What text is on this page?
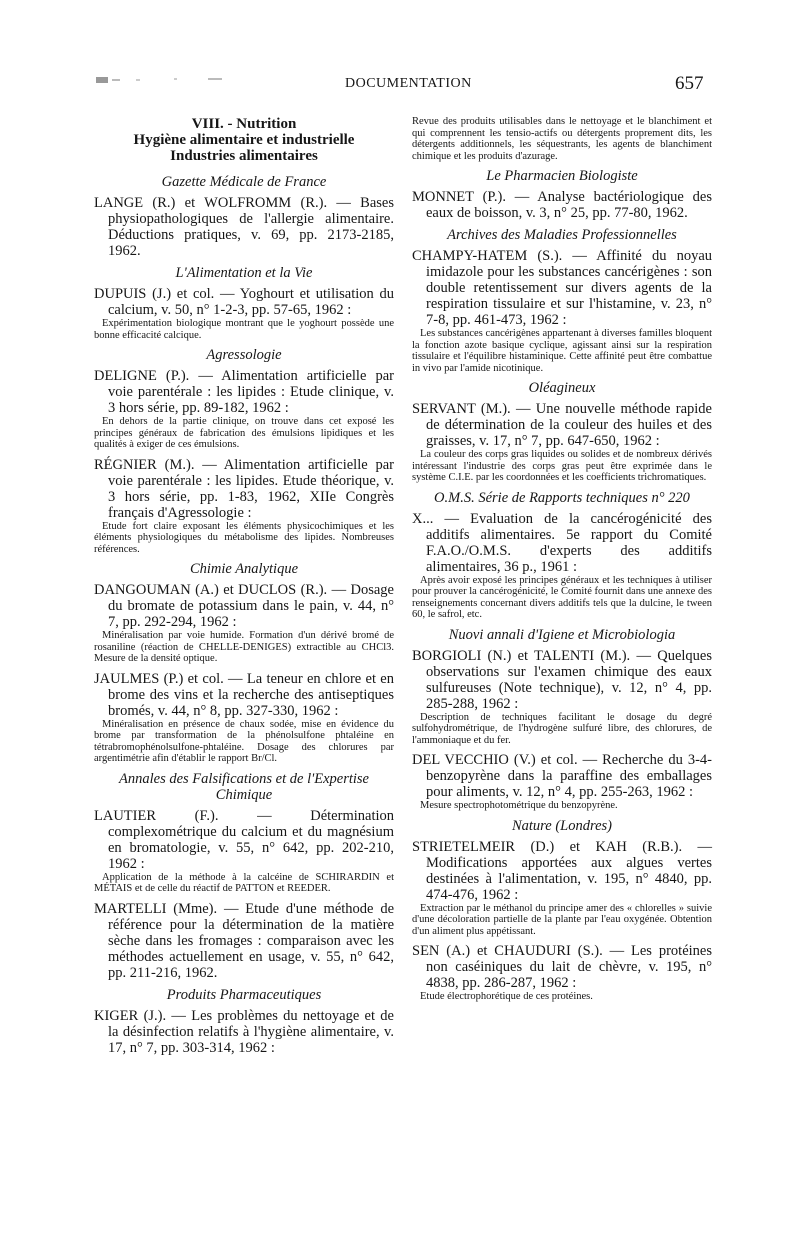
DOCUMENTATION	657
VIII. - Nutrition
Hygiène alimentaire et industrielle
Industries alimentaires
Gazette Médicale de France
LANGE (R.) et WOLFROMM (R.). — Bases physiopathologiques de l'allergie alimentaire. Déductions pratiques, v. 69, pp. 2173-2185, 1962.
L'Alimentation et la Vie
DUPUIS (J.) et col. — Yoghourt et utilisation du calcium, v. 50, n° 1-2-3, pp. 57-65, 1962 :
Expérimentation biologique montrant que le yoghourt possède une bonne efficacité calcique.
Agressologie
DELIGNE (P.). — Alimentation artificielle par voie parentérale : les lipides : Etude clinique, v. 3 hors série, pp. 89-182, 1962 :
En dehors de la partie clinique, on trouve dans cet exposé les principes généraux de fabrication des émulsions lipidiques et les qualités à exiger de ces émulsions.
RÉGNIER (M.). — Alimentation artificielle par voie parentérale : les lipides. Etude théorique, v. 3 hors série, pp. 1-83, 1962, XIIe Congrès français d'Agressologie :
Etude fort claire exposant les éléments physicochimiques et les éléments physiologiques du métabolisme des lipides. Nombreuses références.
Chimie Analytique
DANGOUMAN (A.) et DUCLOS (R.). — Dosage du bromate de potassium dans le pain, v. 44, n° 7, pp. 292-294, 1962 :
Minéralisation par voie humide. Formation d'un dérivé bromé de rosaniline (réaction de CHELLE-DENIGES) extractible au CHCl3. Mesure de la densité optique.
JAULMES (P.) et col. — La teneur en chlore et en brome des vins et la recherche des antiseptiques bromés, v. 44, n° 8, pp. 327-330, 1962 :
Minéralisation en présence de chaux sodée, mise en évidence du brome par transformation de la phénolsulfone phtaléine en tétrabromophénolsulfone-phtaléine. Dosage des chlorures par argentimétrie afin d'établir le rapport Br/Cl.
Annales des Falsifications et de l'Expertise Chimique
LAUTIER (F.). — Détermination complexométrique du calcium et du magnésium en bromatologie, v. 55, n° 642, pp. 202-210, 1962 :
Application de la méthode à la calcéine de SCHIRARDIN et MÉTAIS et de celle du réactif de PATTON et REEDER.
MARTELLI (Mme). — Etude d'une méthode de référence pour la détermination de la matière sèche dans les fromages : comparaison avec les méthodes actuellement en usage, v. 55, n° 642, pp. 211-216, 1962.
Produits Pharmaceutiques
KIGER (J.). — Les problèmes du nettoyage et de la désinfection relatifs à l'hygiène alimentaire, v. 17, n° 7, pp. 303-314, 1962 :
Revue des produits utilisables dans le nettoyage et le blanchiment et qui comprennent les tensio-actifs ou détergents proprement dits, les détergents additionnels, les séquestrants, les agents de blanchiment chimique et les produits d'azurage.
Le Pharmacien Biologiste
MONNET (P.). — Analyse bactériologique des eaux de boisson, v. 3, n° 25, pp. 77-80, 1962.
Archives des Maladies Professionnelles
CHAMPY-HATEM (S.). — Affinité du noyau imidazole pour les substances cancérigènes : son double retentissement sur divers agents de la respiration tissulaire et sur l'histamine, v. 23, n° 7-8, pp. 461-473, 1962 :
Les substances cancérigènes appartenant à diverses familles bloquent la fonction azote basique cyclique, agissant ainsi sur la respiration tissulaire et l'équilibre histaminique. Cette affinité peut être combattue in vivo par l'amide nicotinique.
Oléagineux
SERVANT (M.). — Une nouvelle méthode rapide de détermination de la couleur des huiles et des graisses, v. 17, n° 7, pp. 647-650, 1962 :
La couleur des corps gras liquides ou solides et de nombreux dérivés intéressant l'industrie des corps gras peut être exprimée dans le système C.I.E. par les coordonnées et les coefficients trichromatiques.
O.M.S. Série de Rapports techniques n° 220
X... — Evaluation de la cancérogénicité des additifs alimentaires. 5e rapport du Comité F.A.O./O.M.S. d'experts des additifs alimentaires, 36 p., 1961 :
Après avoir exposé les principes généraux et les techniques à utiliser pour prouver la cancérogénicité, le Comité fournit dans une annexe des renseignements concernant divers additifs tels que la dulcine, le tween 60, le safrol, etc.
Nuovi annali d'Igiene et Microbiologia
BORGIOLI (N.) et TALENTI (M.). — Quelques observations sur l'examen chimique des eaux sulfureuses (Note technique), v. 12, n° 4, pp. 285-288, 1962 :
Description de techniques facilitant le dosage du degré sulfohydrométrique, de l'hydrogène sulfuré libre, des chlorures, de l'ammoniaque et du fer.
DEL VECCHIO (V.) et col. — Recherche du 3-4-benzopyrène dans la paraffine des emballages pour aliments, v. 12, n° 4, pp. 255-263, 1962 :
Mesure spectrophotométrique du benzopyrène.
Nature (Londres)
STRIETELMEIR (D.) et KAH (R.B.). — Modifications apportées aux algues vertes destinées à l'alimentation, v. 195, n° 4840, pp. 474-476, 1962 :
Extraction par le méthanol du principe amer des « chlorelles » suivie d'une décoloration partielle de la plante par l'eau oxygénée. Obtention d'un aliment plus appétissant.
SEN (A.) et CHAUDURI (S.). — Les protéines non caséiniques du lait de chèvre, v. 195, n° 4838, pp. 286-287, 1962 :
Etude électrophorétique de ces protéines.
